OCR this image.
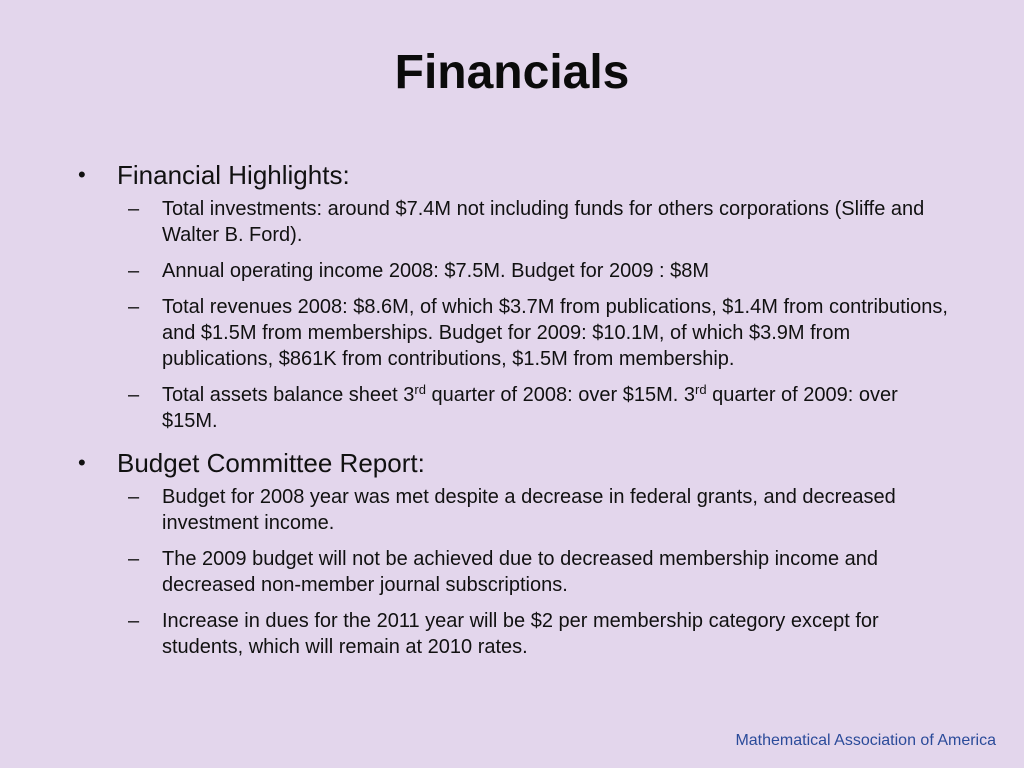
Financials
• Financial Highlights:
– Total investments: around $7.4M not including funds for others corporations (Sliffe and Walter B. Ford).
– Annual operating income 2008: $7.5M. Budget for 2009 : $8M
– Total revenues 2008: $8.6M, of which $3.7M from publications, $1.4M from contributions, and $1.5M from memberships. Budget for 2009: $10.1M, of which $3.9M from publications, $861K from contributions, $1.5M from membership.
– Total assets balance sheet 3rd quarter of 2008: over $15M. 3rd quarter of 2009: over $15M.
• Budget Committee Report:
– Budget for 2008 year was met despite a decrease in federal grants, and decreased investment income.
– The 2009 budget will not be achieved due to decreased membership income and decreased non-member journal subscriptions.
– Increase in dues for the 2011 year will be $2 per membership category except for students, which will remain at 2010 rates.
Mathematical Association of America
